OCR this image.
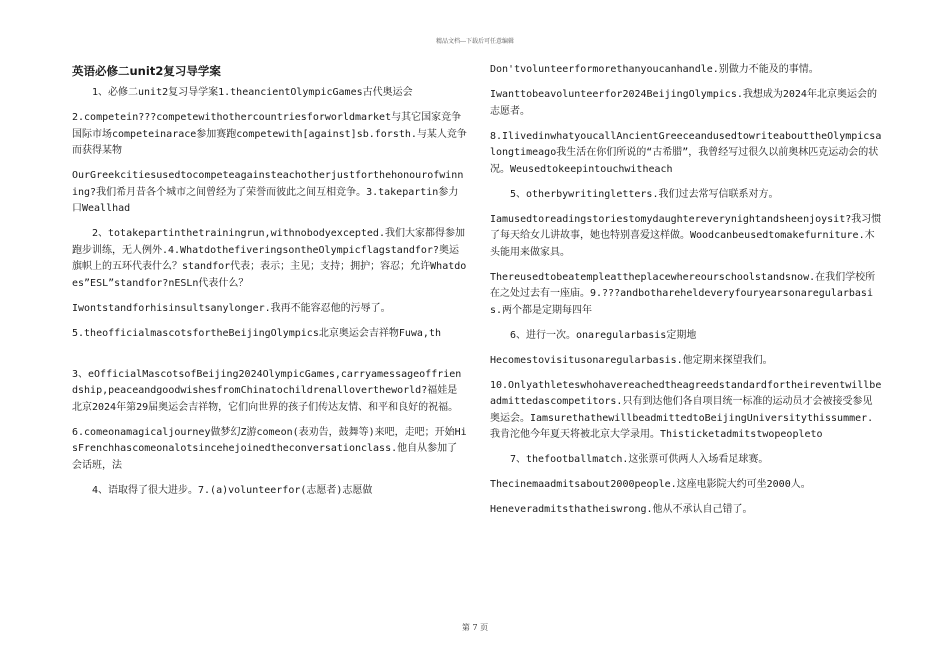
精品文档---下载后可任意编辑
英语必修二unit2复习导学案
1、必修二unit2复习导学案1.theancientOlympicGames古代奥运会
2.competein???competewithothercountriesforworldmarket与其它国家竞争国际市场competeinarace参加赛跑competewith[against]sb.forsth.与某人竞争而获得某物
OurGreekcitiesusedtocompeteagainsteachotherjustforthehonourofwinning?我们希月昔各个城市之间曾经为了荣誉而彼此之间互相竞争。3.takepartin参力口Weallhad
2、totakepartinthetrainingrun,withnobodyexcepted.我们大家都得参加跑步训练，无人例外.4.WhatdothefiveringsontheOlympicflagstandfor?奥运旗帜上的五环代表什么？standfor代表；表示；主见；支持；拥护；容忍；允许Whatdoes”ESL”standfor?nESLn代表什么？
Iwontstandforhisinsultsanylonger.我再不能容忍他的污辱了。
5.theofficialmascotsfortheBeijingOlympics北京奥运会吉祥物Fuwa,th
3、eOfficialMascotsofBeijing2024OlympicGames,carryamessageoffriendship,peaceandgoodwishesfromChinatochildrenallovertheworld?福娃是北京2024年第29届奥运会吉祥物，它们向世界的孩子们传达友情、和平和良好的祝福。
6.comeonamagicaljourney做梦幻Z游comeon(表劝告，鼓舞等)来吧，走吧；开始HisFrenchhascomeonalotsincehejoinedtheconversationclass.他自从参加了会话班，法
4、语取得了很大进步。7.(a)volunteerfor(志愿者)志愿做
Don'tvolunteerformorethanyoucanhandle.别做力不能及的事情。
Iwanttobeavolunteerfor2024BeijingOlympics.我想成为2024年北京奥运会的志愿者。
8.IlivedinwhatyoucallAncientGreeceandusedtowriteabouttheOlympicsalongtimeago我生活在你们所说的“古希腊”，我曾经写过很久以前奥林匹克运动会的状况。Weusedtokeepintouchwitheach
5、otherbywritingletters.我们过去常写信联系对方。
Iamusedtoreadingstoriestomydaughtereverynightandsheenjoysit?我习惯了每天给女儿讲故事，她也特别喜爱这样做。Woodcanbeusedtomakefurniture.木头能用来做家具。
Thereusedtobeatempleattheplacewhereourschoolstandsnow.在我们学校所在之处过去有一座庙。9.???andbothareheldeveryfouryearsonaregularbasis.两个都是定期每四年
6、进行一次。onaregularbasis定期地
Hecomestovisitusonaregularbasis.他定期来探望我们。
10.Onlyathleteswhohavereachedtheagreedstandardfortheireventwillbeadmittedascompetitors.只有到达他们各自项目统一标准的运动员才会被接受参见奥运会。IamsurethathewillbeadmittedtoBeijingUniversitythissummer.我肯沱他今年夏天将被北京大学录用。Thisticketadmitstwopeopleto
7、thefootballmatch.这张票可供两人入场看足球赛。
Thecinemaadmitsabout2000people.这座电影院大约可坐2000人。
Heneveradmitsthatheiswrong.他从不承认自己错了。
第 7 页
